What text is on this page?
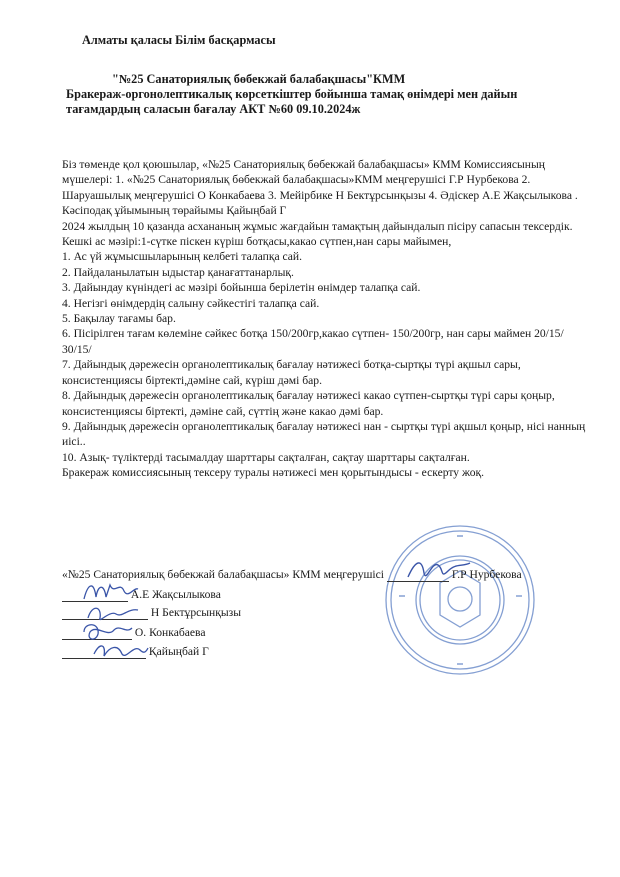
Алматы қаласы Білім басқармасы
"№25 Санаториялық бөбекжай балабақшасы"КММ
Бракераж-оргонолептикалық көрсеткіштер бойынша тамақ өнімдері мен дайын
тағамдардың саласын бағалау АКТ №60 09.10.2024ж

Біз төменде қол қоюшылар, «№25 Санаториялық бөбекжай балабақшасы» КММ Комиссиясының мүшелері: 1. «№25 Санаториялық бөбекжай балабақшасы»КММ меңгерушісі Г.Р Нурбекова 2. Шаруашылық меңгерушісі О Конкабаева 3. Мейірбике Н Бектұрсынқызы 4. Әдіскер А.Е Жақсылыкова . Кәсіподақ ұйымының төрайымы Қайыңбай Г

2024 жылдың 10 қазанда асхананың жұмыс жағдайын тамақтың дайындалып пісіру сапасын тексердік.

Кешкі ас мәзірі:1-сүтке піскен күріш ботқасы,какао сүтпен,нан сары майымен,

1. Ас үй жұмысшыларының келбеті талапқа сай.

2. Пайдаланылатын ыдыстар қанағаттанарлық.

3. Дайындау күніндегі ас мәзірі бойынша берілетін өнімдер талапқа сай.

4. Негізгі өнімдердің салыну сәйкестігі талапқа сай.

5. Бақылау тағамы бар.

6. Пісірілген тағам көлеміне сәйкес ботқа 150/200гр,какао сүтпен- 150/200гр, нан сары маймен 20/15/ 30/15/

7. Дайындық дәрежесін органолептикалық бағалау нәтижесі ботқа-сыртқы түрі ақшыл сары, консистенциясы біртекті,дәміне сай, күріш дәмі бар.

8. Дайындық дәрежесін органолептикалық бағалау нәтижесі какао сүтпен-сыртқы түрі сары қоңыр, консистенциясы біртекті, дәміне сай, сүттің және какао дәмі бар.

9. Дайындық дәрежесін органолептикалық бағалау нәтижесі нан - сыртқы түрі ақшыл қоңыр, нісі нанның иісі..

10. Азық- түліктерді тасымалдау шарттары сақталған, сақтау шарттары сақталған.

Бракераж комиссиясының тексеру туралы нәтижесі мен қорытындысы - ескерту жоқ.

«№25 Санаториялық бөбекжай балабақшасы» КММ меңгерушісі	Г.Р Нурбекова
А.Е Жақсылыкова
Н Бектұрсынқызы
О. Конкабаева
Қайыңбай Г
